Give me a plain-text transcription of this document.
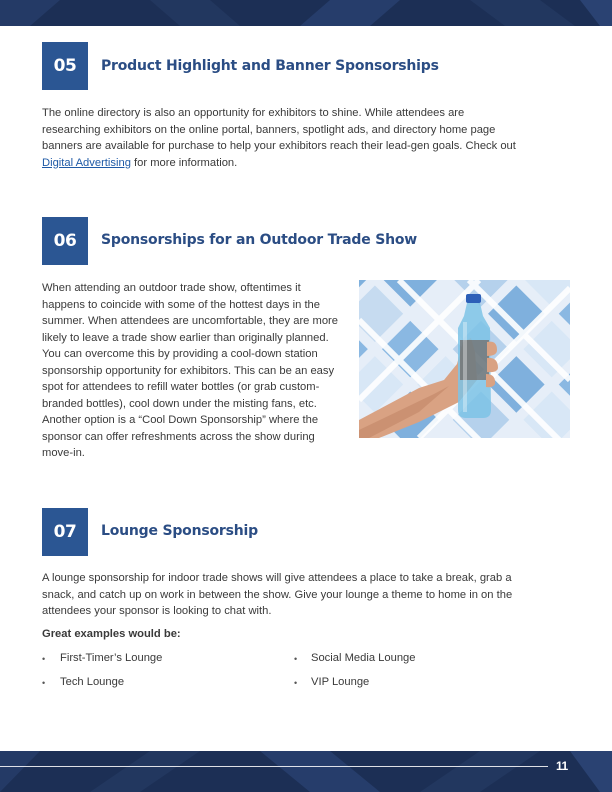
05	Product Highlight and Banner Sponsorships
The online directory is also an opportunity for exhibitors to shine. While attendees are researching exhibitors on the online portal, banners, spotlight ads, and directory home page banners are available for purchase to help your exhibitors reach their lead-gen goals. Check out Digital Advertising for more information.
06	Sponsorships for an Outdoor Trade Show
When attending an outdoor trade show, oftentimes it happens to coincide with some of the hottest days in the summer. When attendees are uncomfortable, they are more likely to leave a trade show earlier than originally planned. You can overcome this by providing a cool-down station sponsorship opportunity for exhibitors. This can be an easy spot for attendees to refill water bottles (or grab custom-branded bottles), cool down under the misting fans, etc. Another option is a “Cool Down Sponsorship” where the sponsor can offer refreshments across the show during move-in.
07	Lounge Sponsorship
A lounge sponsorship for indoor trade shows will give attendees a place to take a break, grab a snack, and catch up on work in between the show. Give your lounge a theme to home in on the attendees your sponsor is looking to chat with.
Great examples would be:
• First-Timer’s Lounge	• Social Media Lounge
• Tech Lounge	• VIP Lounge
11
